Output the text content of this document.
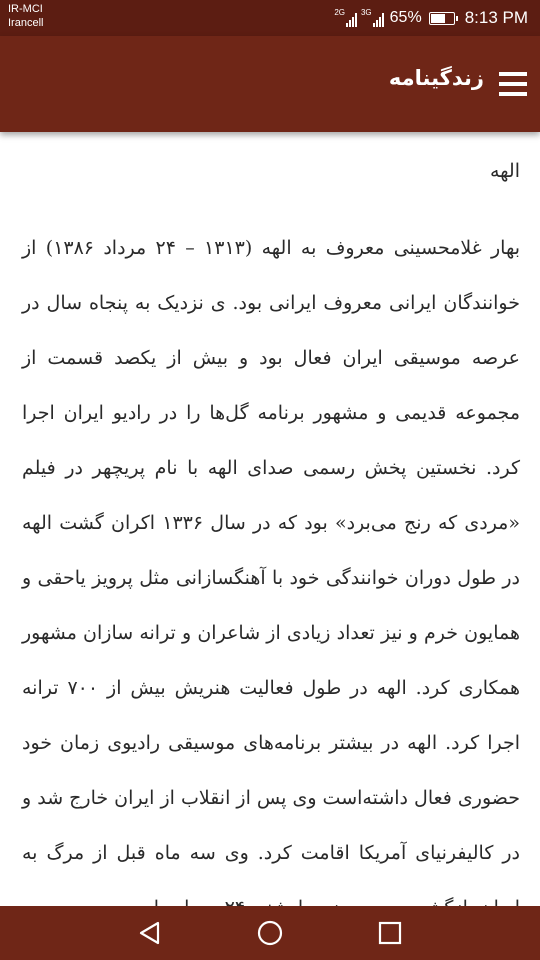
IR-MCI
Irancell
2G 3G 65%	8:13 PM
زندگینامه
الهه

بهار غلامحسینی معروف به الهه (۱۳۱۳ – ۲۴ مرداد ۱۳۸۶) از خوانندگان ایرانی معروف ایرانی بود. ی نزدیک به پنجاه سال در عرصه موسیقی ایران فعال بود و بیش از یکصد قسمت از مجموعه قدیمی و مشهور برنامه گل‌ها را در رادیو ایران اجرا کرد. نخستین پخش رسمی صدای الهه با نام پریچهر در فیلم «مردی که رنج می‌برد» بود که در سال ۱۳۳۶ اکران گشت الهه در طول دوران خوانندگی خود با آهنگسازانی مثل پرویز یاحقی و همایون خرم و نیز تعداد زیادی از شاعران و ترانه سازان مشهور همکاری کرد. الهه در طول فعالیت هنریش بیش از ۷۰۰ ترانه اجرا کرد. الهه در بیشتر برنامه‌های موسیقی رادیوی زمان خود حضوری فعال داشته‌است وی پس از انقلاب از ایران خارج شد و در کالیفرنیای آمریکا اقامت کرد. وی سه ماه قبل از مرگ به
